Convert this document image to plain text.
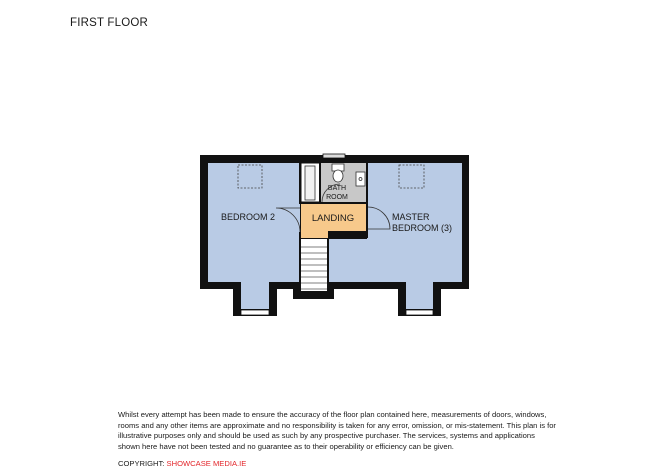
FIRST FLOOR
BEDROOM 2	LANDING
BATH
ROOM
MASTER
BEDROOM (3)
Whilst every attempt has been made to ensure the accuracy of the floor plan contained here, measurements of doors, windows, rooms and any other items are approximate and no responsibility is taken for any error, omission, or mis-statement. This plan is for illustrative purposes only and should be used as such by any prospective purchaser. The services, systems and applications shown here have not been tested and no guarantee as to their operability or efficiency can be given.
COPYRIGHT: SHOWCASE MEDIA.IE
